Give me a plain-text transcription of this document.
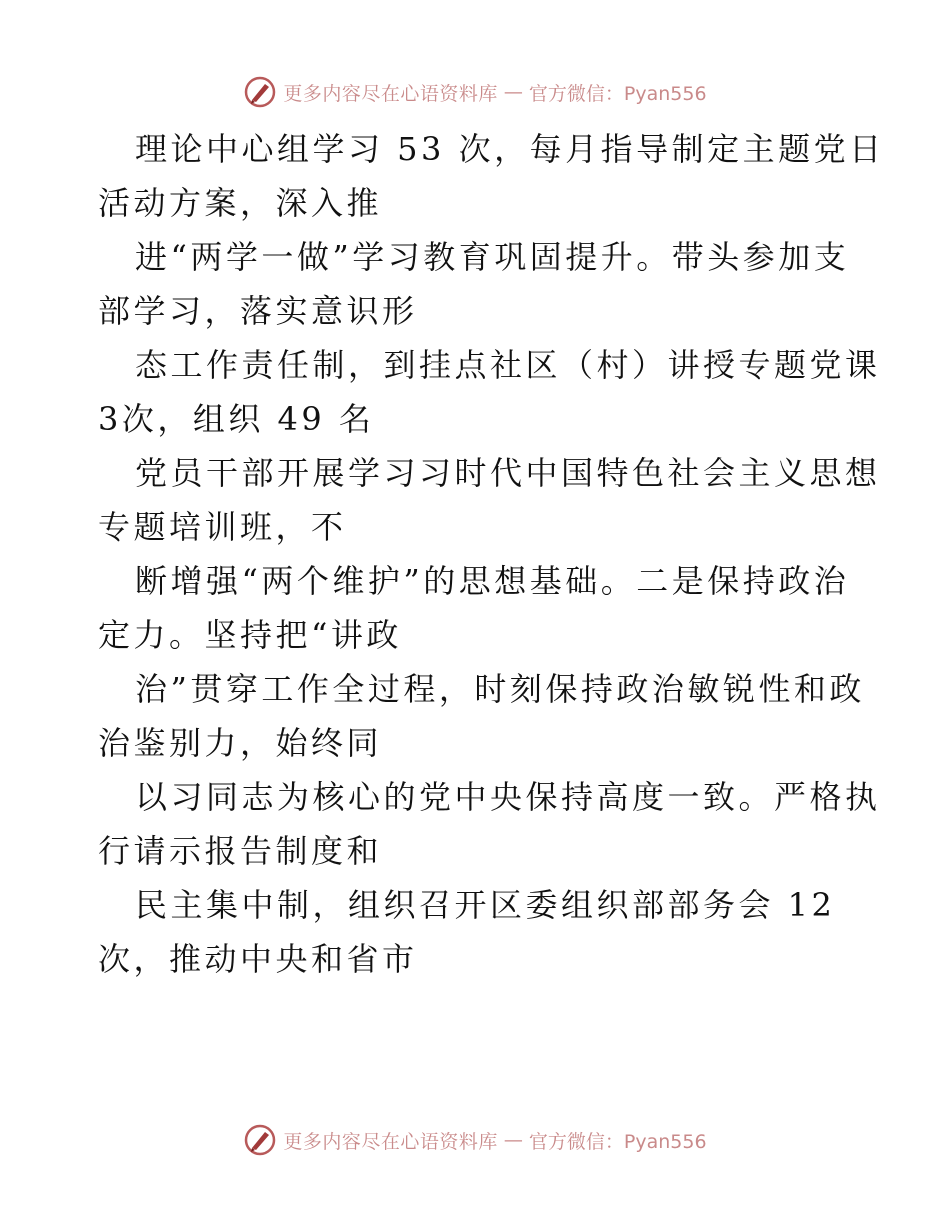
更多内容尽在心语资料库 — 官方微信：Pyan556
理论中心组学习 53 次，每月指导制定主题党日
活动方案，深入推
进“两学一做”学习教育巩固提升。带头参加支
部学习，落实意识形
态工作责任制，到挂点社区（村）讲授专题党课
3次，组织 49 名
党员干部开展学习习时代中国特色社会主义思想
专题培训班，不
断增强“两个维护”的思想基础。二是保持政治
定力。坚持把“讲政
治”贯穿工作全过程，时刻保持政治敏锐性和政
治鉴别力，始终同
以习同志为核心的党中央保持高度一致。严格执
行请示报告制度和
民主集中制，组织召开区委组织部部务会 12
次，推动中央和省市
更多内容尽在心语资料库 — 官方微信：Pyan556
